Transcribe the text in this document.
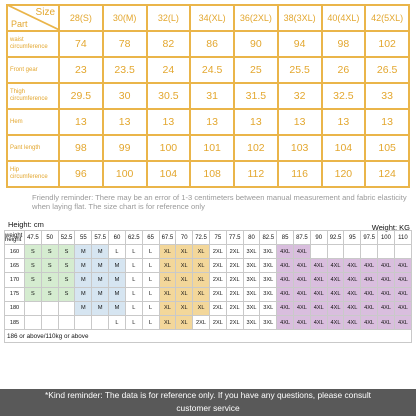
Size
Part	28(S)	30(M)	32(L)	34(XL)	36(2XL)	38(3XL)	40(4XL)	42(5XL)
waist circumference	74	78	82	86	90	94	98	102
Front gear	23	23.5	24	24.5	25	25.5	26	26.5
Thigh circumference	29.5	30	30.5	31	31.5	32	32.5	33
Hem	13	13	13	13	13	13	13	13
Pant length	98	99	100	101	102	103	104	105
Hip circumference	96	100	104	108	112	116	120	124
Friendly reminder: There may be an error of 1-3 centimeters between manual measurement and fabric elasticity when laying flat. The size chart is for reference only
Height: cm	Weight: KG
weight height	47.5	50	52.5	55	57.5	60	62.5	65	67.5	70	72.5	75	77.5	80	82.5	85	87.5	90	92.5	95	97.5	100	110
160	S	S	S	M	M	L	L	L	XL	XL	XL	2XL	2XL	3XL	3XL	4XL	4XL						
165	S	S	S	M	M	M	L	L	XL	XL	XL	2XL	2XL	3XL	3XL	4XL	4XL	4XL	4XL	4XL	4XL	4XL	4XL
170	S	S	S	M	M	M	L	L	XL	XL	XL	2XL	2XL	3XL	3XL	4XL	4XL	4XL	4XL	4XL	4XL	4XL	4XL
175	S	S	S	M	M	M	L	L	XL	XL	XL	2XL	2XL	3XL	3XL	4XL	4XL	4XL	4XL	4XL	4XL	4XL	4XL
180				M	M	M	L	L	XL	XL	XL	2XL	2XL	3XL	3XL	4XL	4XL	4XL	4XL	4XL	4XL	4XL	4XL
185						L	L	L	XL	XL	2XL	2XL	2XL	3XL	3XL	4XL	4XL	4XL	4XL	4XL	4XL	4XL	4XL
186 or above/110kg or above																							
*Kind reminder: The data is for reference only. If you have any questions, please consult
customer service
